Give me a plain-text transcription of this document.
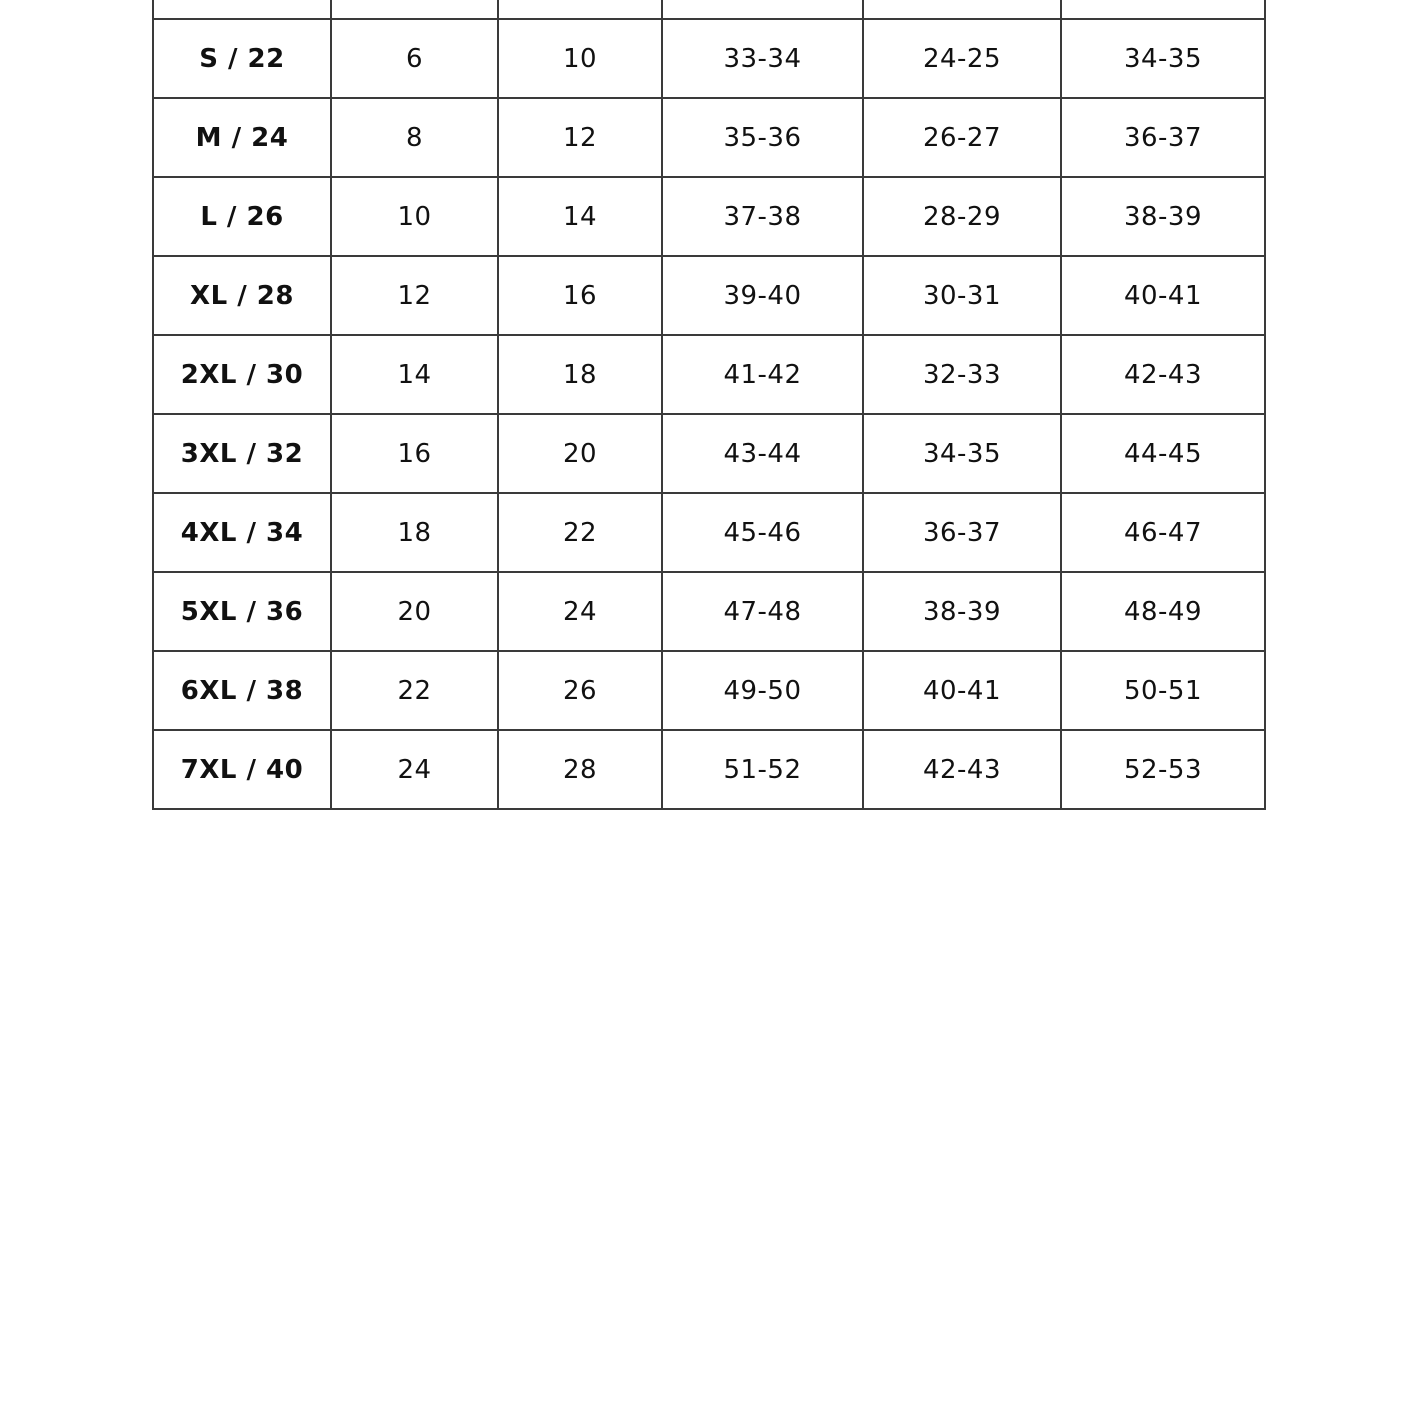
S / 22	6	10	33-34	24-25	34-35
M / 24	8	12	35-36	26-27	36-37
L / 26	10	14	37-38	28-29	38-39
XL / 28	12	16	39-40	30-31	40-41
2XL / 30	14	18	41-42	32-33	42-43
3XL / 32	16	20	43-44	34-35	44-45
4XL / 34	18	22	45-46	36-37	46-47
5XL / 36	20	24	47-48	38-39	48-49
6XL / 38	22	26	49-50	40-41	50-51
7XL / 40	24	28	51-52	42-43	52-53
